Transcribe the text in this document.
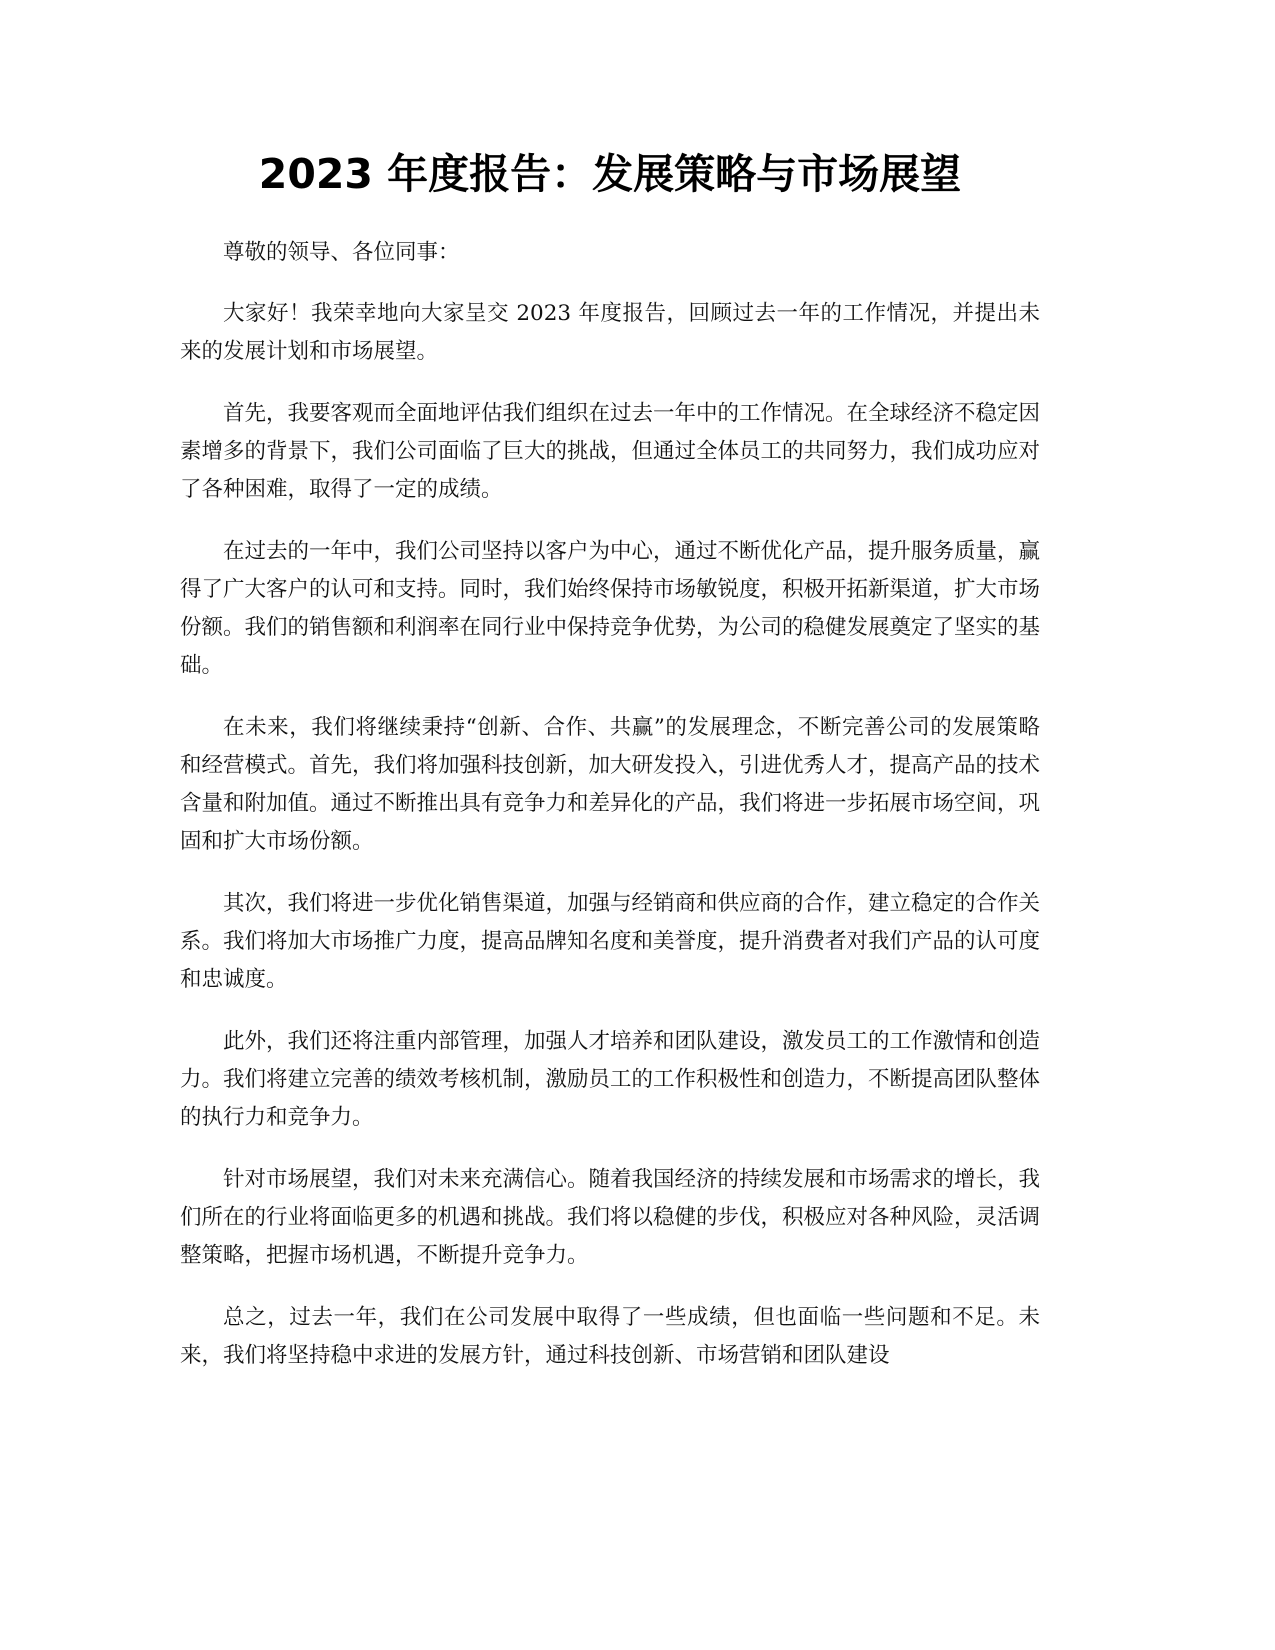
2023 年度报告：发展策略与市场展望

尊敬的领导、各位同事：

大家好！我荣幸地向大家呈交 2023 年度报告，回顾过去一年的工作情况，并提出未来的发展计划和市场展望。

首先，我要客观而全面地评估我们组织在过去一年中的工作情况。在全球经济不稳定因素增多的背景下，我们公司面临了巨大的挑战，但通过全体员工的共同努力，我们成功应对了各种困难，取得了一定的成绩。

在过去的一年中，我们公司坚持以客户为中心，通过不断优化产品，提升服务质量，赢得了广大客户的认可和支持。同时，我们始终保持市场敏锐度，积极开拓新渠道，扩大市场份额。我们的销售额和利润率在同行业中保持竞争优势，为公司的稳健发展奠定了坚实的基础。

在未来，我们将继续秉持“创新、合作、共赢”的发展理念，不断完善公司的发展策略和经营模式。首先，我们将加强科技创新，加大研发投入，引进优秀人才，提高产品的技术含量和附加值。通过不断推出具有竞争力和差异化的产品，我们将进一步拓展市场空间，巩固和扩大市场份额。

其次，我们将进一步优化销售渠道，加强与经销商和供应商的合作，建立稳定的合作关系。我们将加大市场推广力度，提高品牌知名度和美誉度，提升消费者对我们产品的认可度和忠诚度。

此外，我们还将注重内部管理，加强人才培养和团队建设，激发员工的工作激情和创造力。我们将建立完善的绩效考核机制，激励员工的工作积极性和创造力，不断提高团队整体的执行力和竞争力。

针对市场展望，我们对未来充满信心。随着我国经济的持续发展和市场需求的增长，我们所在的行业将面临更多的机遇和挑战。我们将以稳健的步伐，积极应对各种风险，灵活调整策略，把握市场机遇，不断提升竞争力。

总之，过去一年，我们在公司发展中取得了一些成绩，但也面临一些问题和不足。未来，我们将坚持稳中求进的发展方针，通过科技创新、市场营销和团队建设
